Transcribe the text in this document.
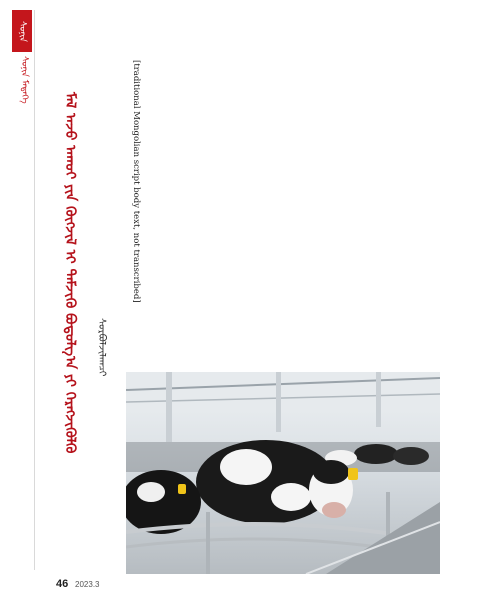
ᠰᠣᠨᠢᠨ
ᠰᠣᠨᠢᠨ ᠮᠡᠳᠡᠭᠡ
ᠮᠠᠯ ᠠᠵᠤ ᠠᠬᠤᠢ ᠶᠢᠨ ᠬᠥᠭᠵᠢᠯ ᠢ ᠳᠡᠮᠵᠢᠬᠦ ᠪᠣᠳᠤᠯᠭ᠎ᠠ ᠶᠢ ᠬᠡᠷᠡᠭᠵᠢᠭᠦᠯᠬᠦ	ᠰᠤᠷᠪᠤᠯᠵᠢᠯᠠᠭᠴᠢ
[traditional Mongolian script body text, not transcribed]
46 2023.3
